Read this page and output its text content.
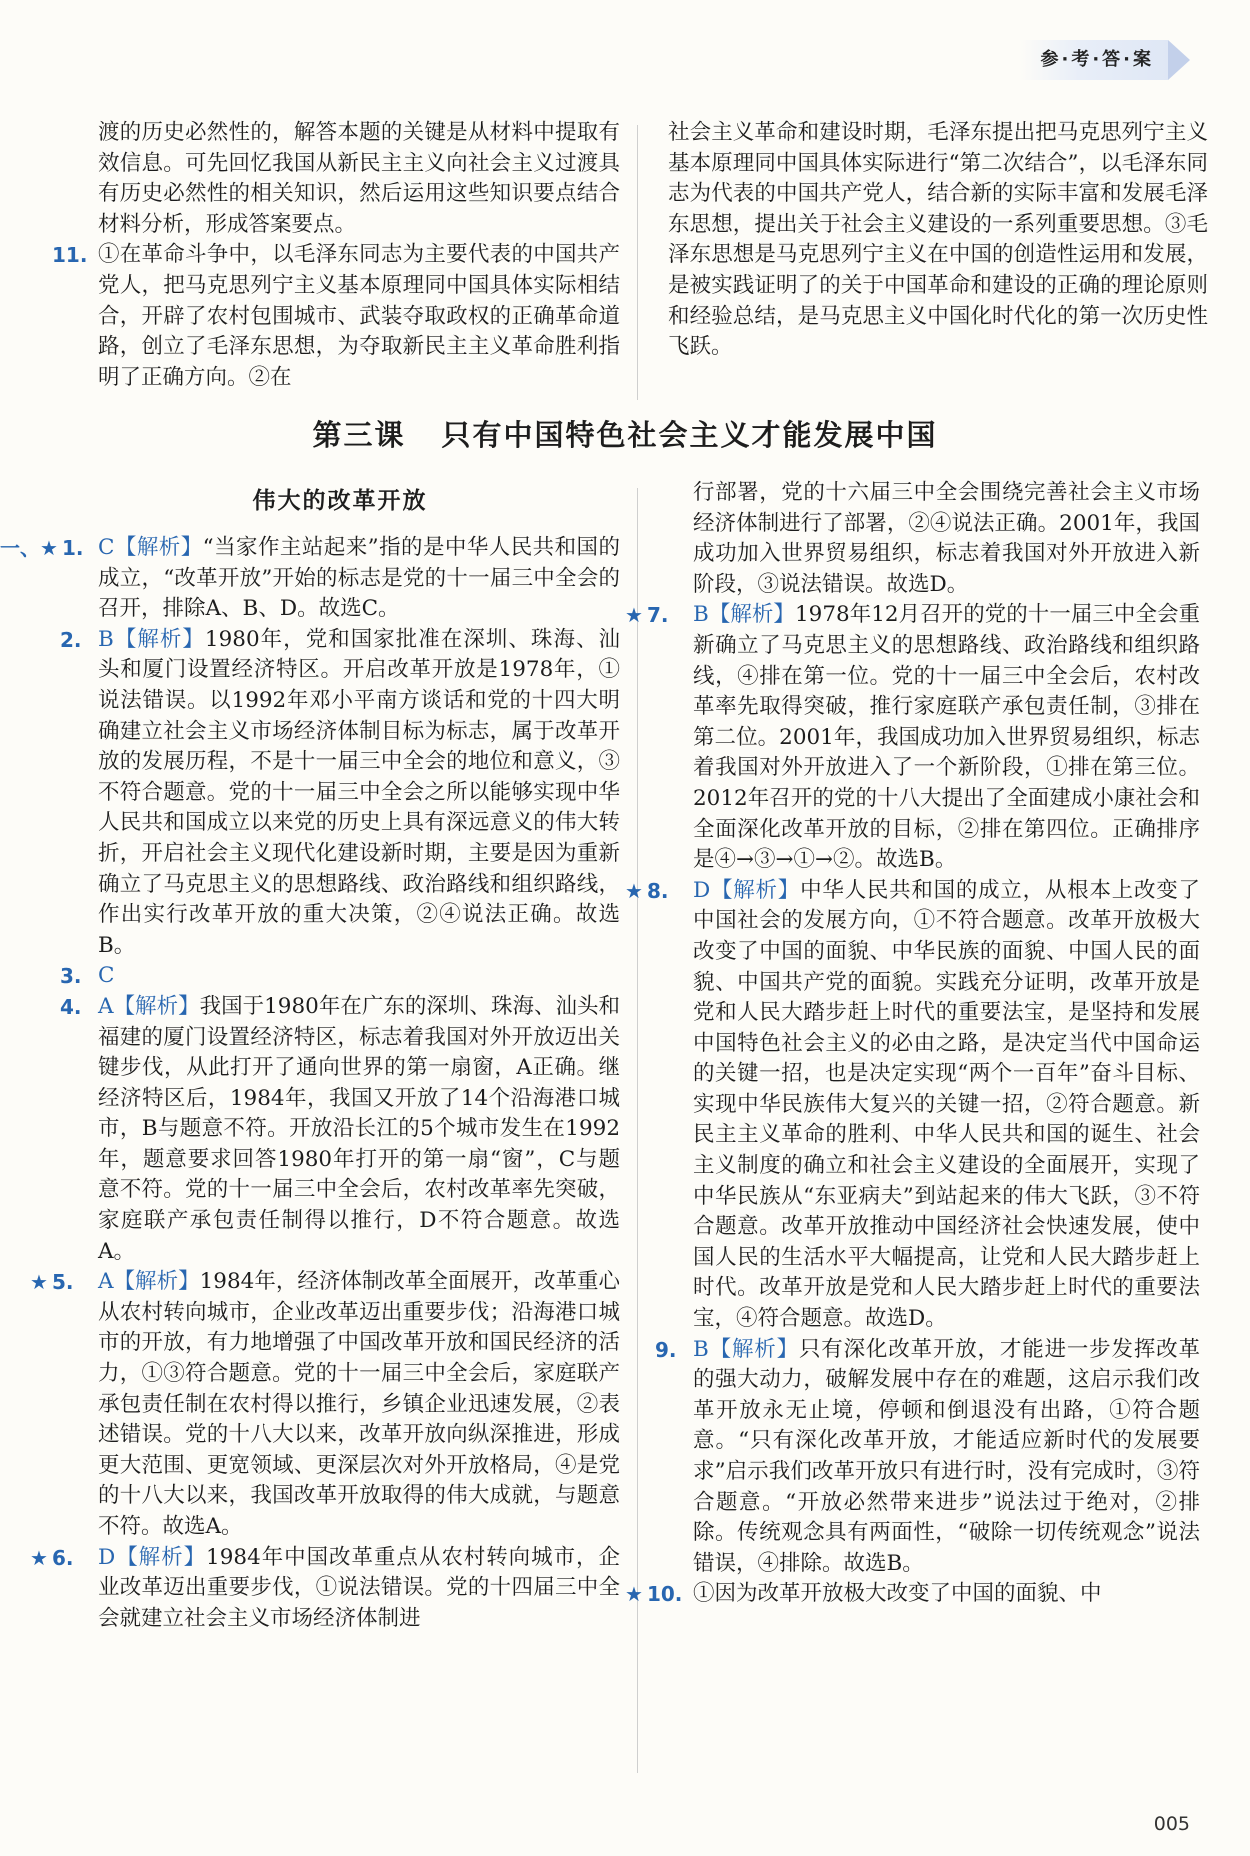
参·考·答·案

渡的历史必然性的，解答本题的关键是从材料中提取有效信息。可先回忆我国从新民主主义向社会主义过渡具有历史必然性的相关知识，然后运用这些知识要点结合材料分析，形成答案要点。

11. ①在革命斗争中，以毛泽东同志为主要代表的中国共产党人，把马克思列宁主义基本原理同中国具体实际相结合，开辟了农村包围城市、武装夺取政权的正确革命道路，创立了毛泽东思想，为夺取新民主主义革命胜利指明了正确方向。②在

社会主义革命和建设时期，毛泽东提出把马克思列宁主义基本原理同中国具体实际进行“第二次结合”，以毛泽东同志为代表的中国共产党人，结合新的实际丰富和发展毛泽东思想，提出关于社会主义建设的一系列重要思想。③毛泽东思想是马克思列宁主义在中国的创造性运用和发展，是被实践证明了的关于中国革命和建设的正确的理论原则和经验总结，是马克思主义中国化时代化的第一次历史性飞跃。

第三课 只有中国特色社会主义才能发展中国
伟大的改革开放
一、★ 1. C【解析】“当家作主站起来”指的是中华人民共和国的成立，“改革开放”开始的标志是党的十一届三中全会的召开，排除A、B、D。故选C。
2. B【解析】1980年，党和国家批准在深圳、珠海、汕头和厦门设置经济特区。开启改革开放是1978年，①说法错误。以1992年邓小平南方谈话和党的十四大明确建立社会主义市场经济体制目标为标志，属于改革开放的发展历程，不是十一届三中全会的地位和意义，③不符合题意。党的十一届三中全会之所以能够实现中华人民共和国成立以来党的历史上具有深远意义的伟大转折，开启社会主义现代化建设新时期，主要是因为重新确立了马克思主义的思想路线、政治路线和组织路线，作出实行改革开放的重大决策，②④说法正确。故选B。
3. C
4. A【解析】我国于1980年在广东的深圳、珠海、汕头和福建的厦门设置经济特区，标志着我国对外开放迈出关键步伐，从此打开了通向世界的第一扇窗，A正确。继经济特区后，1984年，我国又开放了14个沿海港口城市，B与题意不符。开放沿长江的5个城市发生在1992年，题意要求回答1980年打开的第一扇“窗”，C与题意不符。党的十一届三中全会后，农村改革率先突破，家庭联产承包责任制得以推行，D不符合题意。故选A。
★ 5. A【解析】1984年，经济体制改革全面展开，改革重心从农村转向城市，企业改革迈出重要步伐；沿海港口城市的开放，有力地增强了中国改革开放和国民经济的活力，①③符合题意。党的十一届三中全会后，家庭联产承包责任制在农村得以推行，乡镇企业迅速发展，②表述错误。党的十八大以来，改革开放向纵深推进，形成更大范围、更宽领域、更深层次对外开放格局，④是党的十八大以来，我国改革开放取得的伟大成就，与题意不符。故选A。
★ 6. D【解析】1984年中国改革重点从农村转向城市，企业改革迈出重要步伐，①说法错误。党的十四届三中全会就建立社会主义市场经济体制进

行部署，党的十六届三中全会围绕完善社会主义市场经济体制进行了部署，②④说法正确。2001年，我国成功加入世界贸易组织，标志着我国对外开放进入新阶段，③说法错误。故选D。

★ 7. B【解析】1978年12月召开的党的十一届三中全会重新确立了马克思主义的思想路线、政治路线和组织路线，④排在第一位。党的十一届三中全会后，农村改革率先取得突破，推行家庭联产承包责任制，③排在第二位。2001年，我国成功加入世界贸易组织，标志着我国对外开放进入了一个新阶段，①排在第三位。2012年召开的党的十八大提出了全面建成小康社会和全面深化改革开放的目标，②排在第四位。正确排序是④→③→①→②。故选B。
★ 8. D【解析】中华人民共和国的成立，从根本上改变了中国社会的发展方向，①不符合题意。改革开放极大改变了中国的面貌、中华民族的面貌、中国人民的面貌、中国共产党的面貌。实践充分证明，改革开放是党和人民大踏步赶上时代的重要法宝，是坚持和发展中国特色社会主义的必由之路，是决定当代中国命运的关键一招，也是决定实现“两个一百年”奋斗目标、实现中华民族伟大复兴的关键一招，②符合题意。新民主主义革命的胜利、中华人民共和国的诞生、社会主义制度的确立和社会主义建设的全面展开，实现了中华民族从“东亚病夫”到站起来的伟大飞跃，③不符合题意。改革开放推动中国经济社会快速发展，使中国人民的生活水平大幅提高，让党和人民大踏步赶上时代。改革开放是党和人民大踏步赶上时代的重要法宝，④符合题意。故选D。
9. B【解析】只有深化改革开放，才能进一步发挥改革的强大动力，破解发展中存在的难题，这启示我们改革开放永无止境，停顿和倒退没有出路，①符合题意。“只有深化改革开放，才能适应新时代的发展要求”启示我们改革开放只有进行时，没有完成时，③符合题意。“开放必然带来进步”说法过于绝对，②排除。传统观念具有两面性，“破除一切传统观念”说法错误，④排除。故选B。
★ 10. ①因为改革开放极大改变了中国的面貌、中
005
